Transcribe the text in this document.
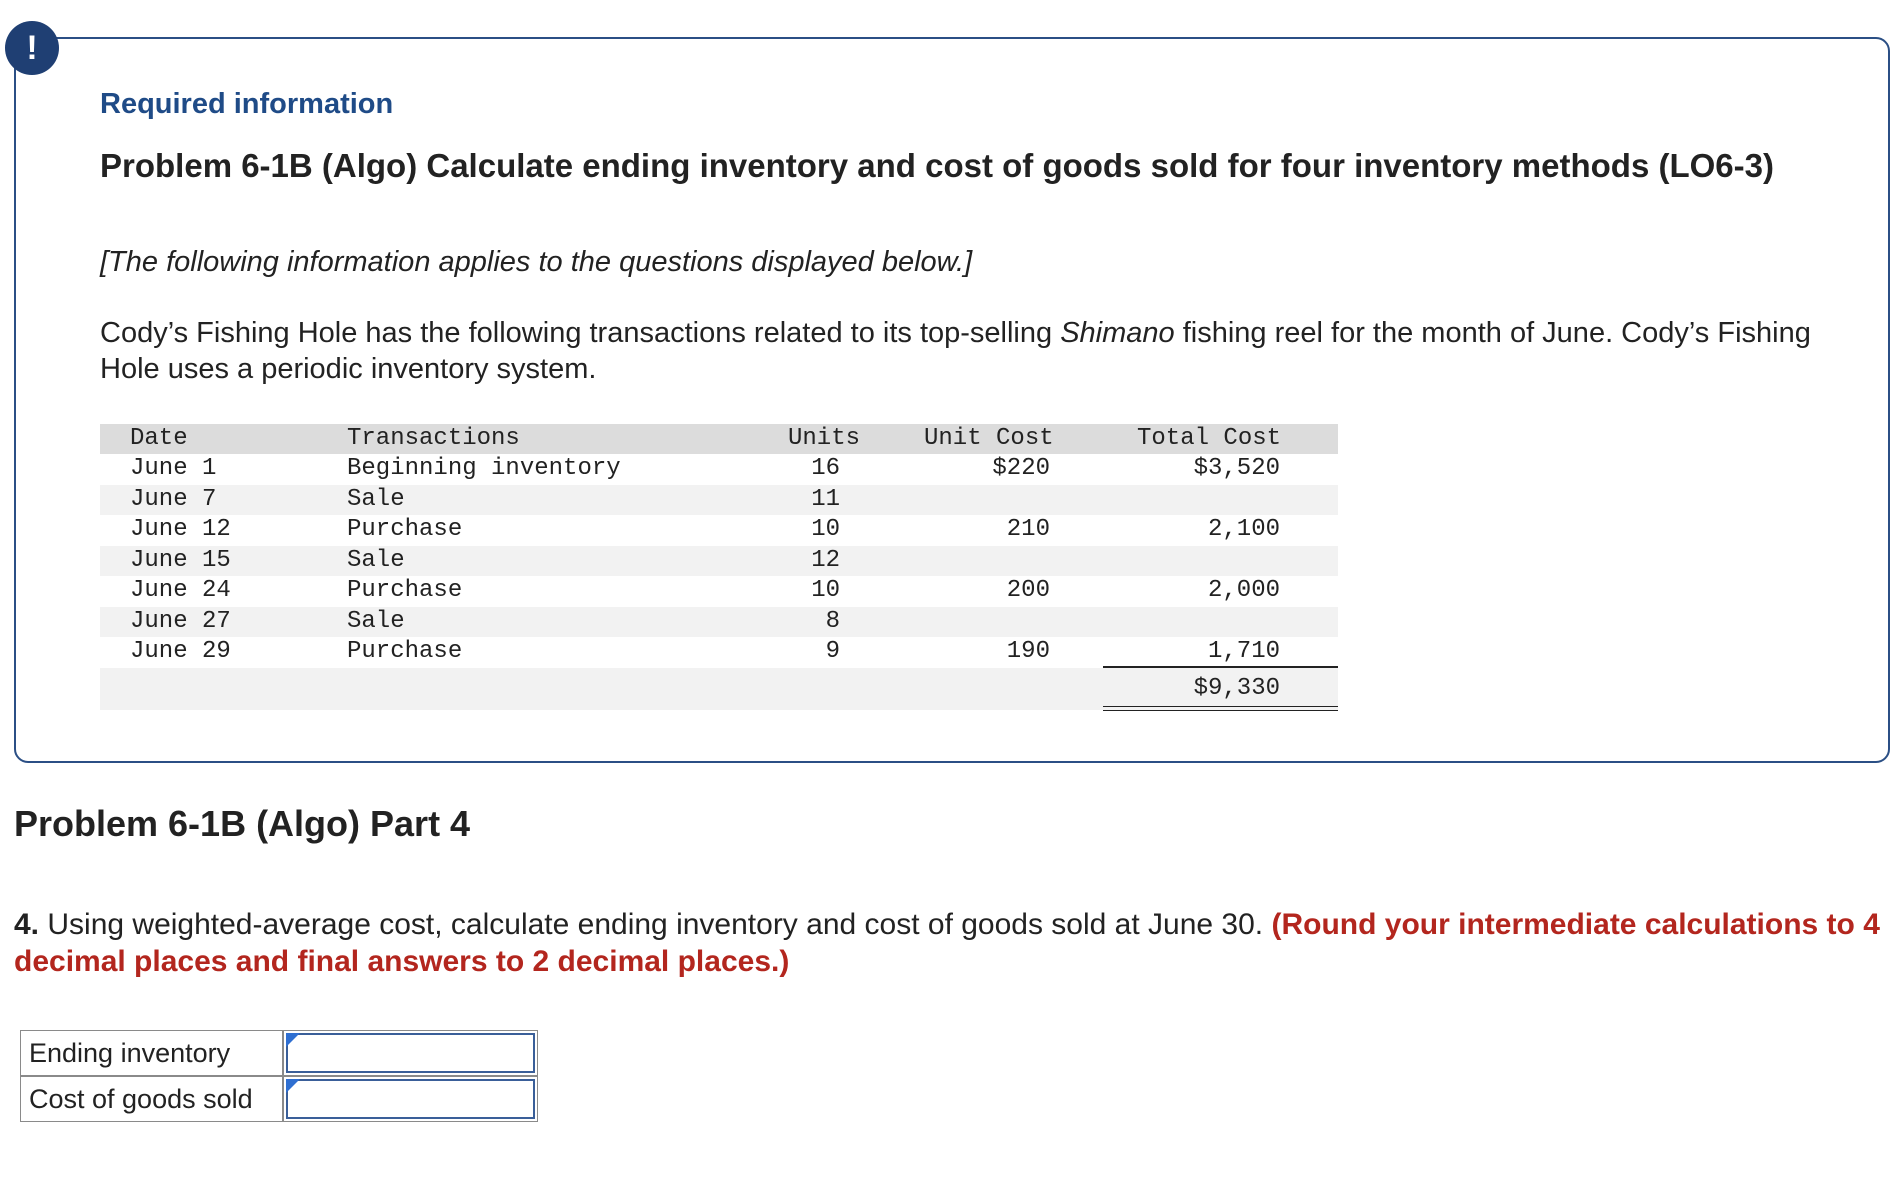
!
Required information
Problem 6-1B (Algo) Calculate ending inventory and cost of goods sold for four inventory methods (LO6-3)
[The following information applies to the questions displayed below.]
Cody’s Fishing Hole has the following transactions related to its top-selling Shimano fishing reel for the month of June. Cody’s Fishing Hole uses a periodic inventory system.
Date	Transactions	Units	Unit Cost	Total Cost
June 1	Beginning inventory	16	$220	$3,520
June 7	Sale	11
June 12	Purchase	10	210	2,100
June 15	Sale	12
June 24	Purchase	10	200	2,000
June 27	Sale	8
June 29	Purchase	9	190	1,710
$9,330
Problem 6-1B (Algo) Part 4
4. Using weighted-average cost, calculate ending inventory and cost of goods sold at June 30. (Round your intermediate calculations to 4 decimal places and final answers to 2 decimal places.)
Ending inventory
Cost of goods sold
